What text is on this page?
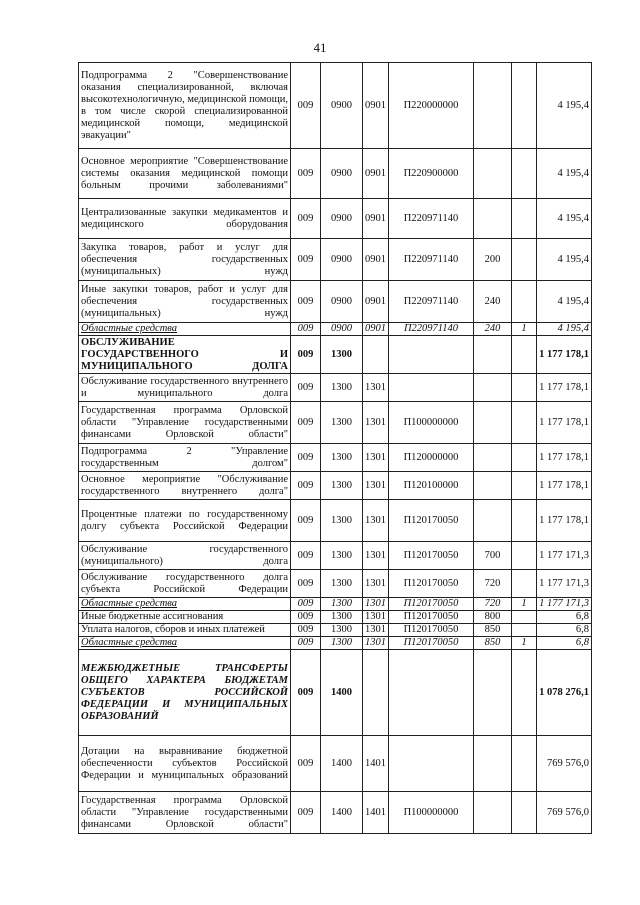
41
Подпрограмма 2 "Совершенствование оказания специализированной, включая высокотехнологичную, медицинской помощи, в том числе скорой специализированной медицинской помощи, медицинской эвакуации"	009	0900	0901	П220000000			4 195,4
Основное мероприятие "Совершенствование системы оказания медицинской помощи больным прочими заболеваниями"	009	0900	0901	П220900000			4 195,4
Централизованные закупки медикаментов и медицинского оборудования	009	0900	0901	П220971140			4 195,4
Закупка товаров, работ и услуг для обеспечения государственных (муниципальных) нужд	009	0900	0901	П220971140	200		4 195,4
Иные закупки товаров, работ и услуг для обеспечения государственных (муниципальных) нужд	009	0900	0901	П220971140	240		4 195,4
Областные средства	009	0900	0901	П220971140	240	1	4 195,4
ОБСЛУЖИВАНИЕ ГОСУДАРСТВЕННОГО И МУНИЦИПАЛЬНОГО ДОЛГА	009	1300					1 177 178,1
Обслуживание государственного внутреннего и муниципального долга	009	1300	1301				1 177 178,1
Государственная программа Орловской области "Управление государственными финансами Орловской области"	009	1300	1301	П100000000			1 177 178,1
Подпрограмма 2 "Управление государственным долгом"	009	1300	1301	П120000000			1 177 178,1
Основное мероприятие "Обслуживание государственного внутреннего долга"	009	1300	1301	П120100000			1 177 178,1
Процентные платежи по государственному долгу субъекта Российской Федерации	009	1300	1301	П120170050			1 177 178,1
Обслуживание государственного (муниципального) долга	009	1300	1301	П120170050	700		1 177 171,3
Обслуживание государственного долга субъекта Российской Федерации	009	1300	1301	П120170050	720		1 177 171,3
Областные средства	009	1300	1301	П120170050	720	1	1 177 171,3
Иные бюджетные ассигнования	009	1300	1301	П120170050	800		6,8
Уплата налогов, сборов и иных платежей	009	1300	1301	П120170050	850		6,8
Областные средства	009	1300	1301	П120170050	850	1	6,8
МЕЖБЮДЖЕТНЫЕ ТРАНСФЕРТЫ ОБЩЕГО ХАРАКТЕРА БЮДЖЕТАМ СУБЪЕКТОВ РОССИЙСКОЙ ФЕДЕРАЦИИ И МУНИЦИПАЛЬНЫХ ОБРАЗОВАНИЙ	009	1400					1 078 276,1
Дотации на выравнивание бюджетной обеспеченности субъектов Российской Федерации и муниципальных образований	009	1400	1401				769 576,0
Государственная программа Орловской области "Управление государственными финансами Орловской области"	009	1400	1401	П100000000			769 576,0
